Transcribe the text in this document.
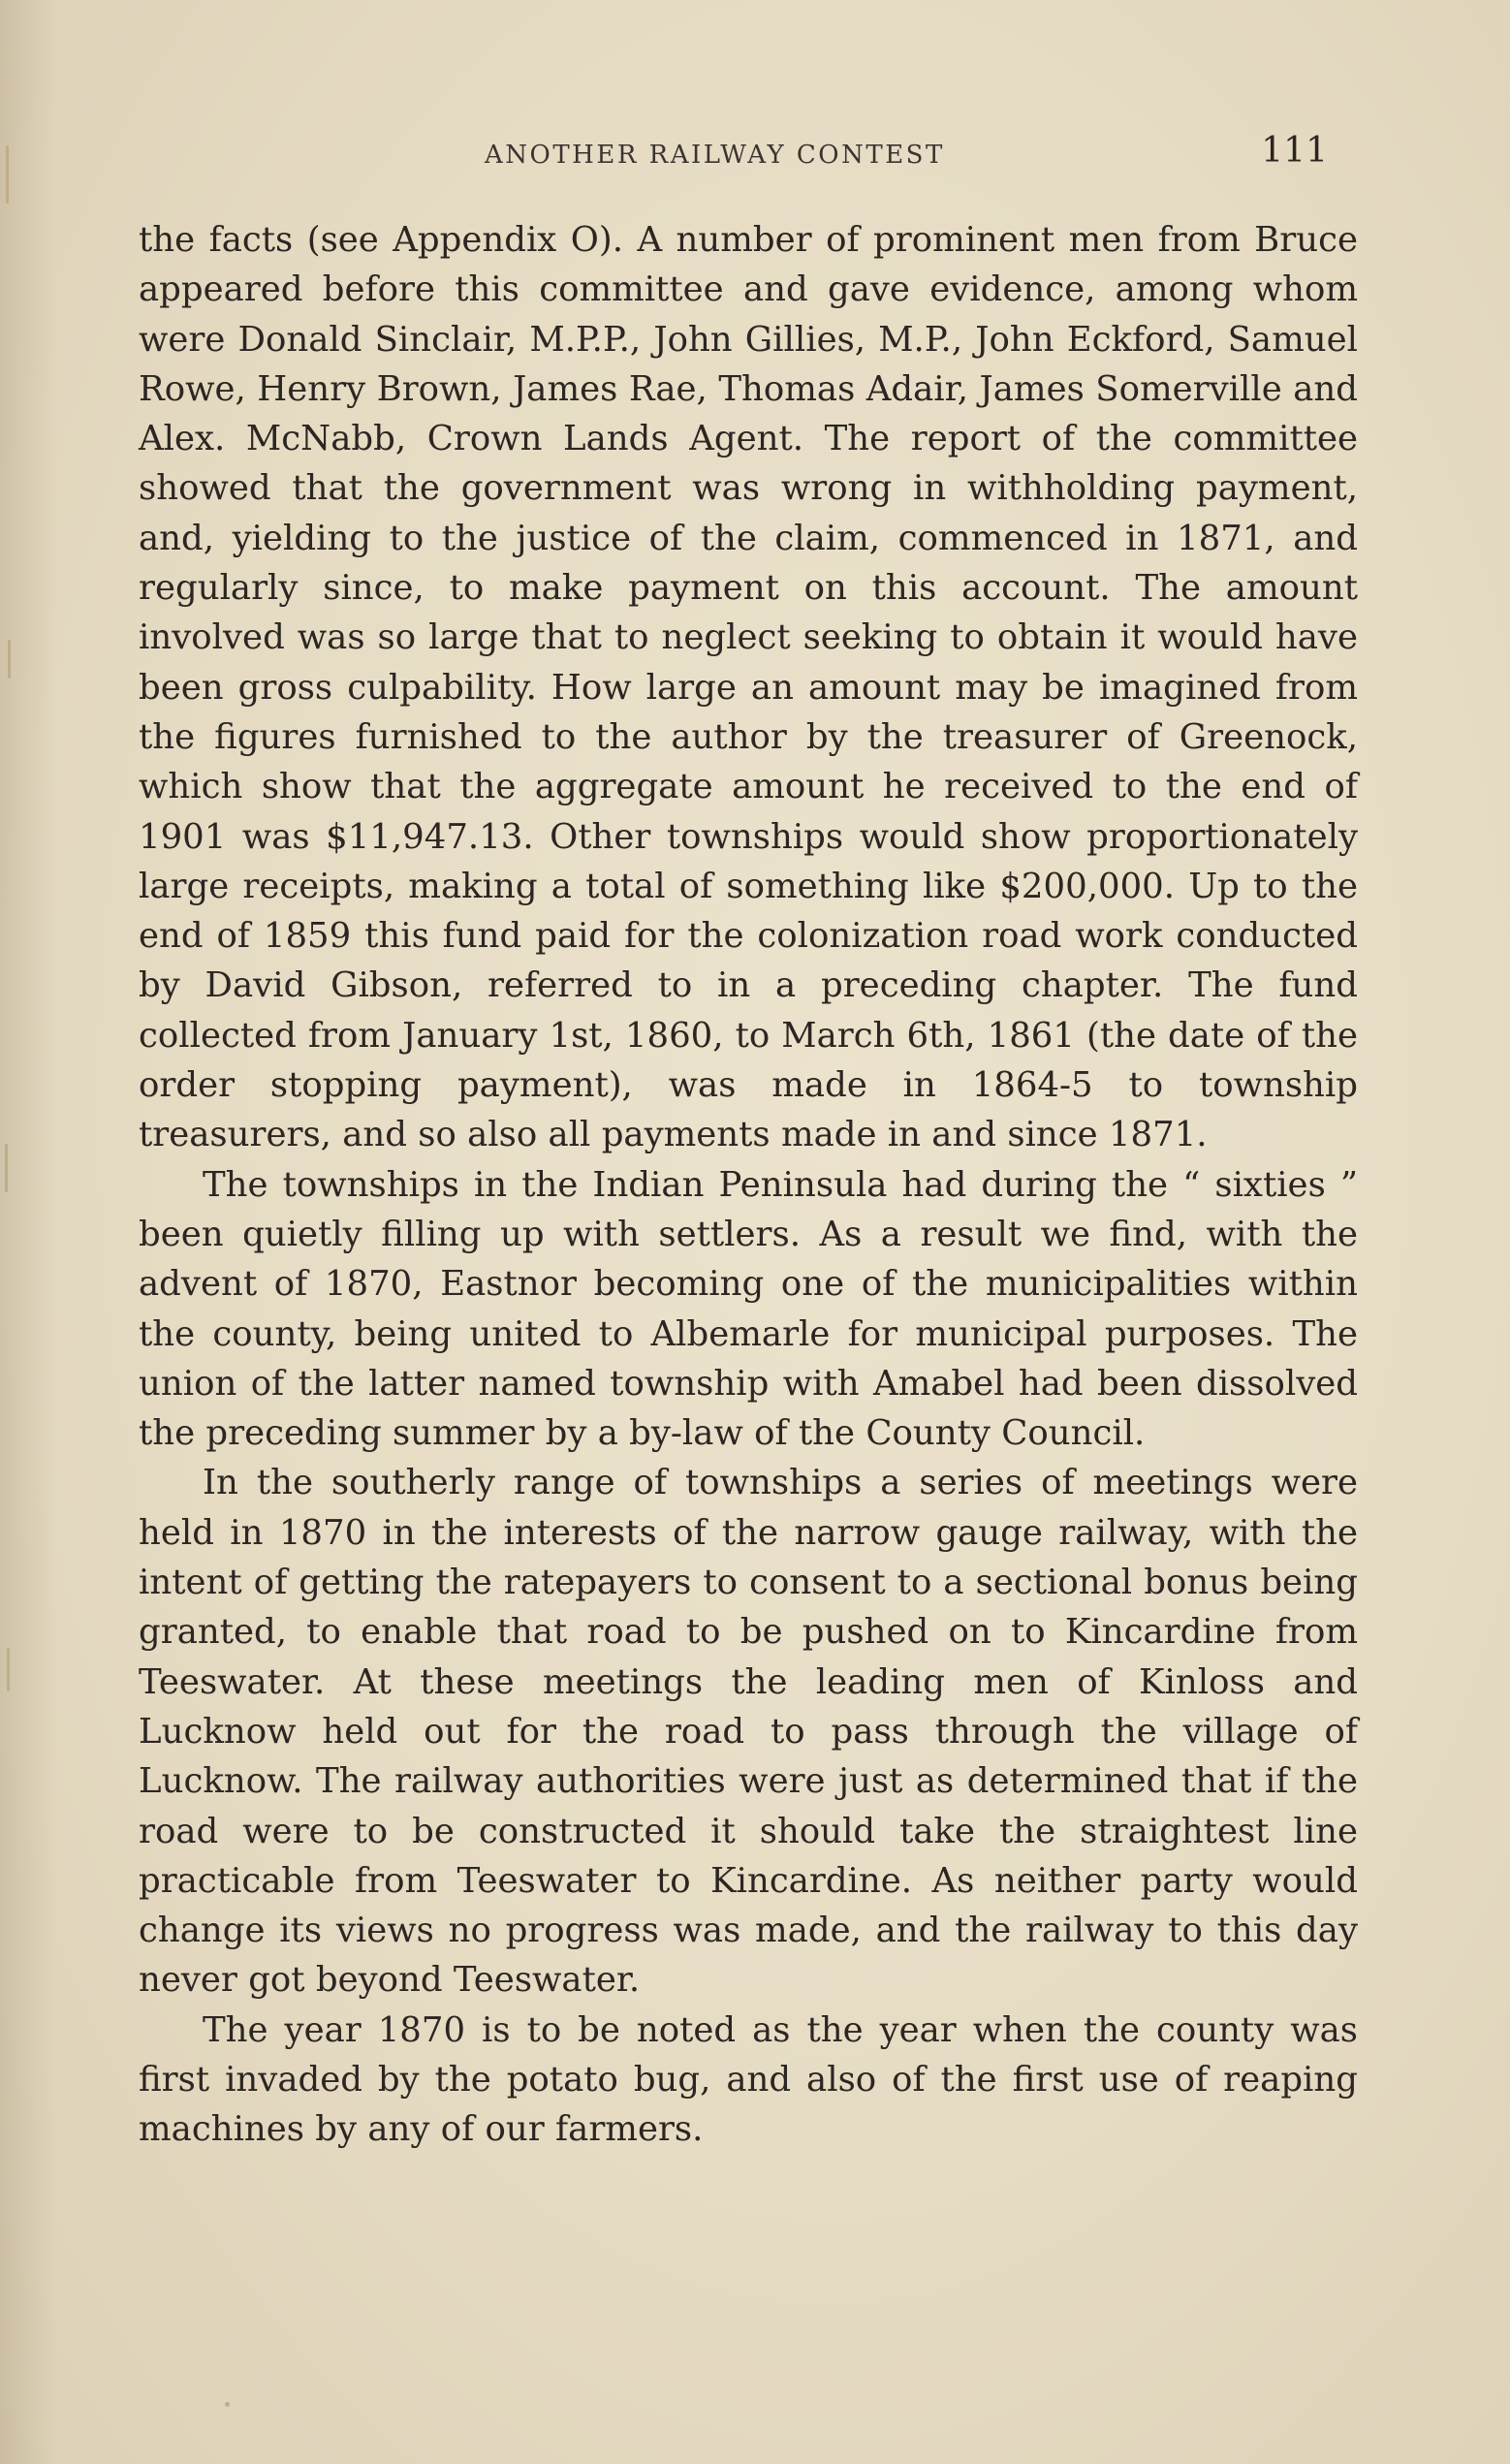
ANOTHER RAILWAY CONTEST	111

the facts (see Appendix O). A number of prominent men from Bruce appeared before this committee and gave evidence, among whom were Donald Sinclair, M.P.P., John Gillies, M.P., John Eckford, Samuel Rowe, Henry Brown, James Rae, Thomas Adair, James Somerville and Alex. McNabb, Crown Lands Agent. The report of the committee showed that the government was wrong in withholding payment, and, yielding to the justice of the claim, commenced in 1871, and regularly since, to make payment on this account. The amount involved was so large that to neglect seeking to obtain it would have been gross culpability. How large an amount may be imagined from the figures furnished to the author by the treasurer of Greenock, which show that the aggregate amount he received to the end of 1901 was $11,947.13. Other townships would show proportionately large receipts, making a total of something like $200,000. Up to the end of 1859 this fund paid for the colonization road work conducted by David Gibson, referred to in a preceding chapter. The fund collected from January 1st, 1860, to March 6th, 1861 (the date of the order stopping payment), was made in 1864-5 to township treasurers, and so also all payments made in and since 1871.

The townships in the Indian Peninsula had during the “ sixties ” been quietly filling up with settlers. As a result we find, with the advent of 1870, Eastnor becoming one of the municipalities within the county, being united to Albemarle for municipal purposes. The union of the latter named township with Amabel had been dissolved the preceding summer by a by-law of the County Council.

In the southerly range of townships a series of meetings were held in 1870 in the interests of the narrow gauge railway, with the intent of getting the ratepayers to consent to a sectional bonus being granted, to enable that road to be pushed on to Kincardine from Teeswater. At these meetings the leading men of Kinloss and Lucknow held out for the road to pass through the village of Lucknow. The railway authorities were just as determined that if the road were to be constructed it should take the straightest line practicable from Teeswater to Kincardine. As neither party would change its views no progress was made, and the railway to this day never got beyond Teeswater.

The year 1870 is to be noted as the year when the county was first invaded by the potato bug, and also of the first use of reaping machines by any of our farmers.
